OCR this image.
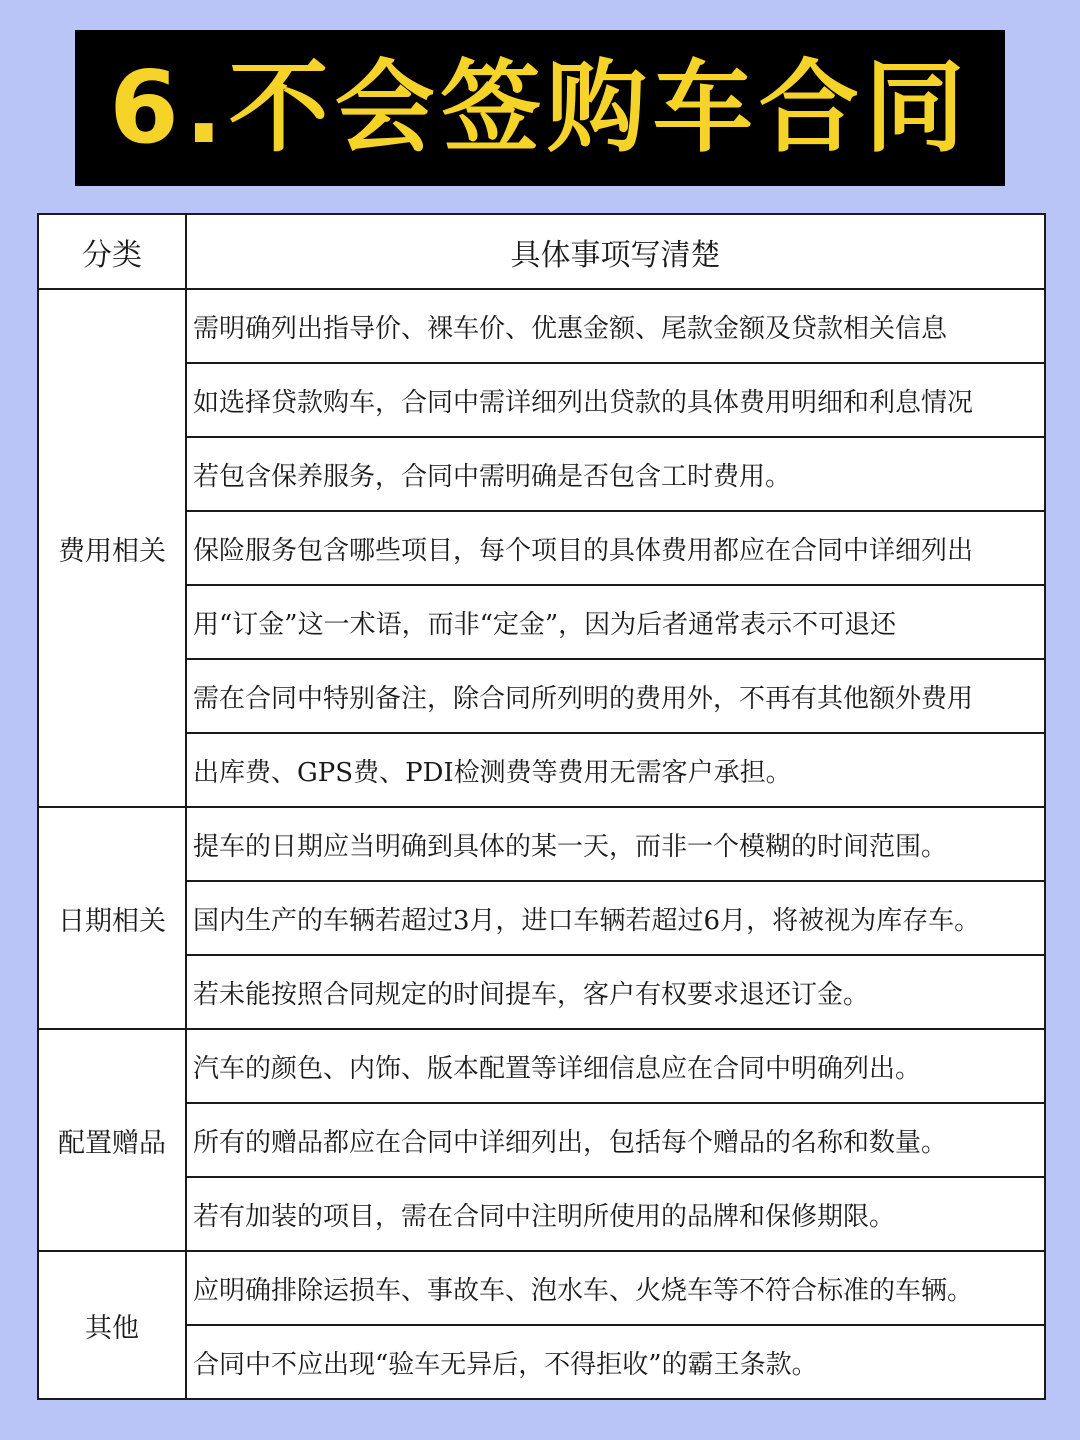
6.不会签购车合同
分类	具体事项写清楚
费用相关	需明确列出指导价、裸车价、优惠金额、尾款金额及贷款相关信息
	如选择贷款购车，合同中需详细列出贷款的具体费用明细和利息情况
	若包含保养服务，合同中需明确是否包含工时费用。
	保险服务包含哪些项目，每个项目的具体费用都应在合同中详细列出
	用“订金”这一术语，而非“定金”，因为后者通常表示不可退还
	需在合同中特别备注，除合同所列明的费用外，不再有其他额外费用
	出库费、GPS费、PDI检测费等费用无需客户承担。
日期相关	提车的日期应当明确到具体的某一天，而非一个模糊的时间范围。
	国内生产的车辆若超过3月，进口车辆若超过6月，将被视为库存车。
	若未能按照合同规定的时间提车，客户有权要求退还订金。
配置赠品	汽车的颜色、内饰、版本配置等详细信息应在合同中明确列出。
	所有的赠品都应在合同中详细列出，包括每个赠品的名称和数量。
	若有加装的项目，需在合同中注明所使用的品牌和保修期限。
其他	应明确排除运损车、事故车、泡水车、火烧车等不符合标准的车辆。
	合同中不应出现“验车无异后，不得拒收”的霸王条款。
